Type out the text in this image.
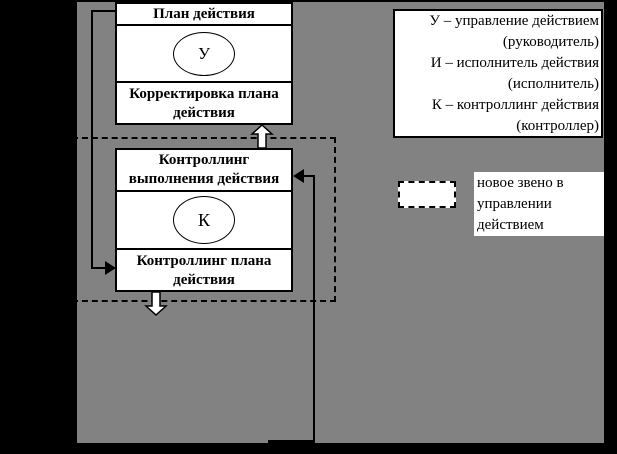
План действия
У
Корректировка плана
действия
Контроллинг
выполнения действия
К
Контроллинг плана
действия
У – управление действием
(руководитель)
И – исполнитель действия
(исполнитель)
К – контроллинг действия
(контроллер)
новое звено в
управлении
действием
